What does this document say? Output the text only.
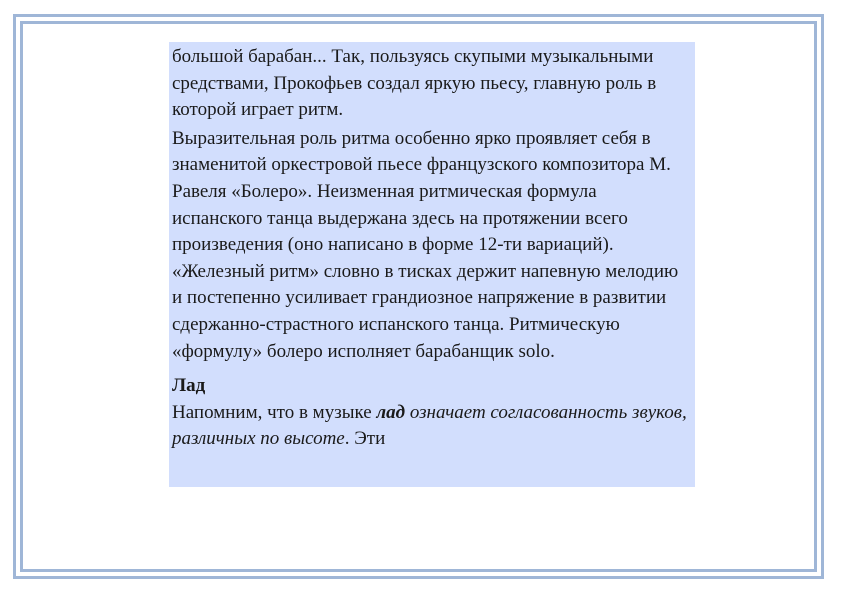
большой барабан... Так, пользуясь скупыми музыкальными средствами, Прокофьев создал яркую пьесу, главную роль в которой играет ритм.

Выразительная роль ритма особенно ярко проявляет себя в знаменитой оркестровой пьесе французского композитора М. Равеля «Болеро». Неизменная ритмическая формула испанского танца выдержана здесь на протяжении всего произведения (оно написано в форме 12-ти вариаций). «Железный ритм» словно в тисках держит напевную мелодию и постепенно усиливает грандиозное напряжение в развитии сдержанно-страстного испанского танца. Ритмическую «формулу» болеро исполняет барабанщик solo.

Лад

Напомним, что в музыке лад означает согласованность звуков, различных по высоте. Эти
